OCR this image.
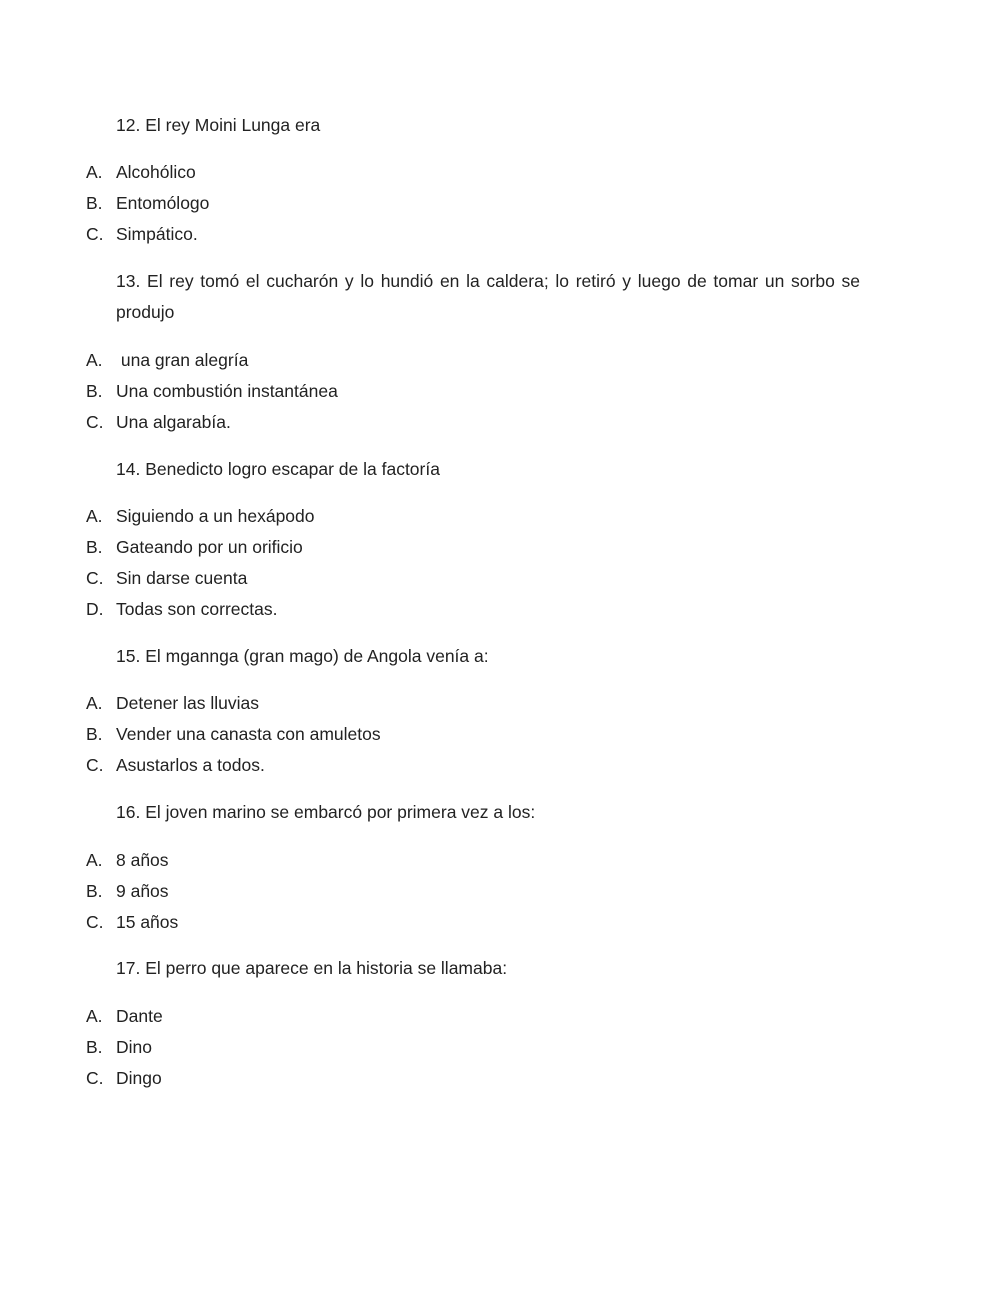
12. El rey Moini Lunga era

A. Alcohólico
B. Entomólogo
C. Simpático.

13. El rey tomó el cucharón y lo hundió en la caldera; lo retiró y luego de tomar un sorbo se produjo

A. una gran alegría
B. Una combustión instantánea
C. Una algarabía.

14. Benedicto logro escapar de la factoría

A. Siguiendo a un hexápodo
B. Gateando por un orificio
C. Sin darse cuenta
D. Todas son correctas.

15. El mgannga (gran mago) de Angola venía a:

A. Detener las lluvias
B. Vender una canasta con amuletos
C. Asustarlos a todos.

16. El joven marino se embarcó por primera vez a los:

A. 8 años
B. 9 años
C. 15 años

17. El perro que aparece en la historia se llamaba:

A. Dante
B. Dino
C. Dingo
